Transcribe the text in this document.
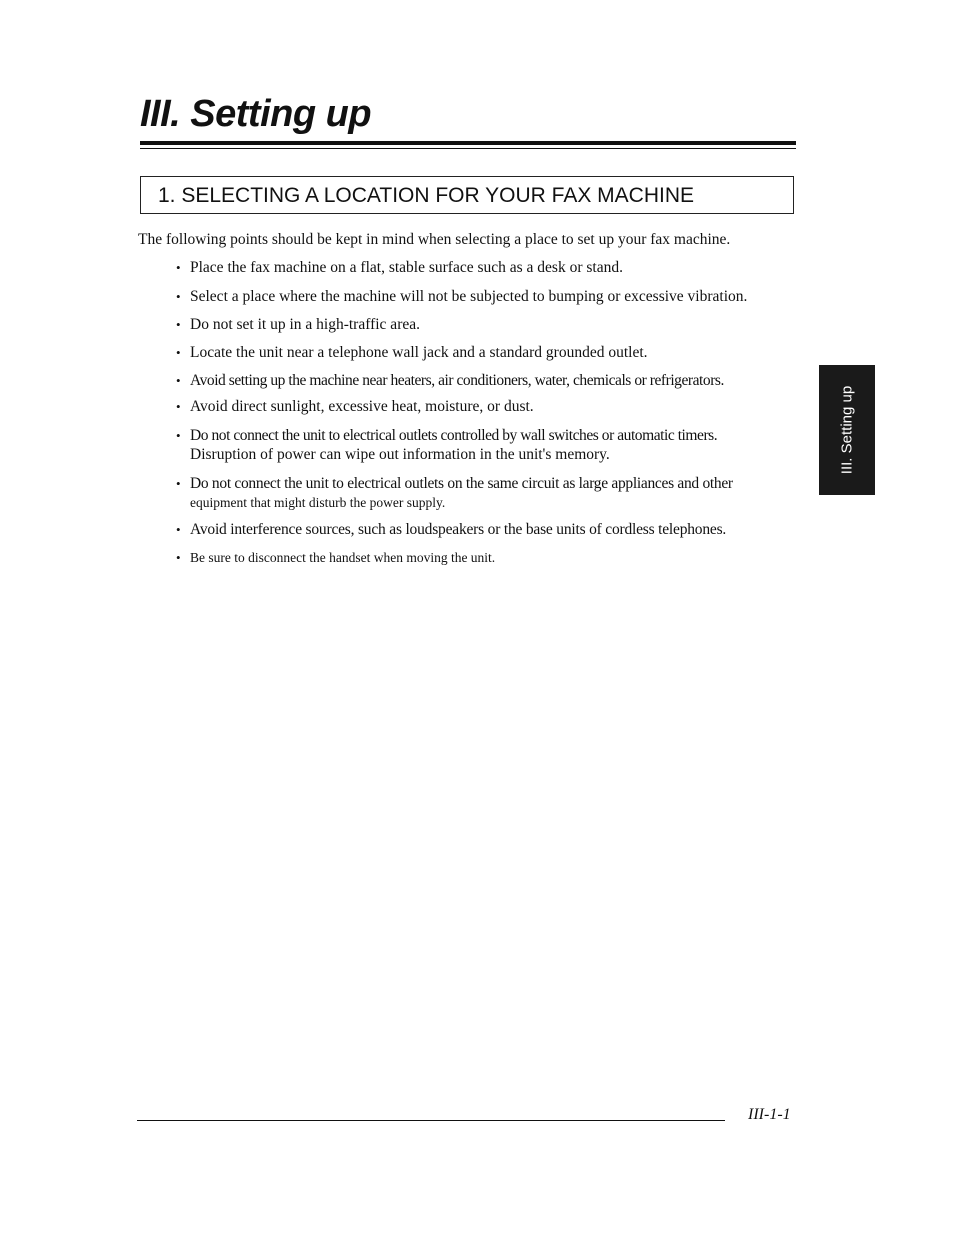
III. Setting up
1. SELECTING A LOCATION FOR YOUR FAX MACHINE

The following points should be kept in mind when selecting a place to set up your fax machine.

• Place the fax machine on a flat, stable surface such as a desk or stand.
• Select a place where the machine will not be subjected to bumping or excessive vibration.
• Do not set it up in a high-traffic area.
• Locate the unit near a telephone wall jack and a standard grounded outlet.
• Avoid setting up the machine near heaters, air conditioners, water, chemicals or refrigerators.
• Avoid direct sunlight, excessive heat, moisture, or dust.
• Do not connect the unit to electrical outlets controlled by wall switches or automatic timers.
Disruption of power can wipe out information in the unit's memory.
• Do not connect the unit to electrical outlets on the same circuit as large appliances and other
equipment that might disturb the power supply.
• Avoid interference sources, such as loudspeakers or the base units of cordless telephones.
• Be sure to disconnect the handset when moving the unit.
III. Setting up
III-1-1
